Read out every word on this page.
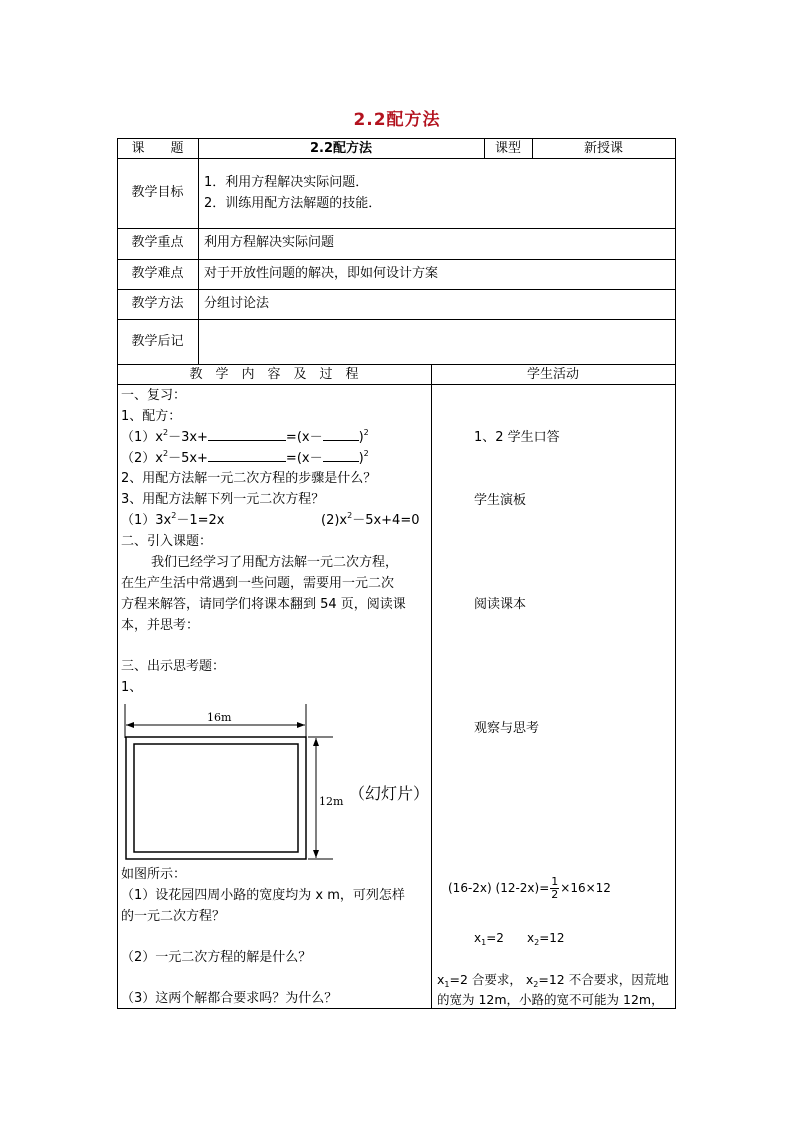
2.2配方法
课　　题	2.2配方法	课型	新授课
教学目标
1．利用方程解决实际问题．
2．训练用配方法解题的技能．
教学重点	利用方程解决实际问题
教学难点	对于开放性问题的解决，即如何设计方案
教学方法	分组讨论法
教学后记
教　学　内　容　及　过　程	学生活动
一、复习：
1、配方：
$(1)x^2-3x+$	=(x－	)$^2$
$(2)x^2-5x+$	=(x－	)$^2$
2、用配方法解一元二次方程的步骤是什么？
3、用配方法解下列一元二次方程？
$(1)3x^2-1=2x$	$(2)x^2-5x+4=0$
二、引入课题：
我们已经学习了用配方法解一元二次方程，
在生产生活中常遇到一些问题，需要用一元二次
方程来解答，请同学们将课本翻到 54 页，阅读课
本，并思考：
三、出示思考题：
1、
16m
12m （幻灯片）
如图所示：
（1）设花园四周小路的宽度均为 x m，可列怎样
的一元二次方程？
（2）一元二次方程的解是什么？
（3）这两个解都合要求吗？为什么？
1、2 学生口答
学生演板
阅读课本
观察与思考
(16-2x) $(12-2x)= \frac{1}{2} \times 16\times 12$
$x_1=2$ $x_2=12$
$x_1=2$ 合要求， $x_2=12$ 不合要求，因荒地
的宽为 12m，小路的宽不可能为 12m，
